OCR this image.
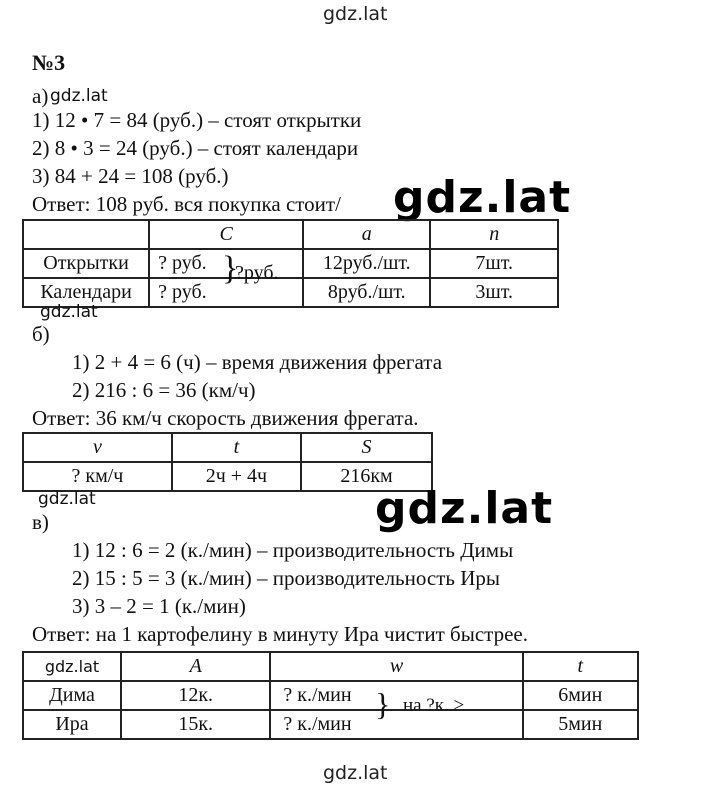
gdz.lat
№3
а) gdz.lat
1) 12 • 7 = 84 (руб.) – стоят открытки
2) 8 • 3 = 24 (руб.) – стоят календари
3) 84 + 24 = 108 (руб.)
Ответ: 108 руб. вся покупка стоит/ gdz.lat
	C	a	n
Открытки	? руб.	12руб./шт.	7шт.
Календари	? руб.	8руб./шт.	3шт.
}
?руб.
gdz.lat
б)
1) 2 + 4 = 6 (ч) – время движения фрегата
2) 216 : 6 = 36 (км/ч)
Ответ: 36 км/ч скорость движения фрегата.
v	t	S
? км/ч	2ч + 4ч	216км
gdz.lat	gdz.lat
в)
1) 12 : 6 = 2 (к./мин) – производительность Димы
2) 15 : 5 = 3 (к./мин) – производительность Иры
3) 3 – 2 = 1 (к./мин)
Ответ: на 1 картофелину в минуту Ира чистит быстрее.
gdz.lat	A	w	t
Дима	12к.	? к./мин	6мин
Ира	15к.	? к./мин	5мин
} на ?к. >
gdz.lat
